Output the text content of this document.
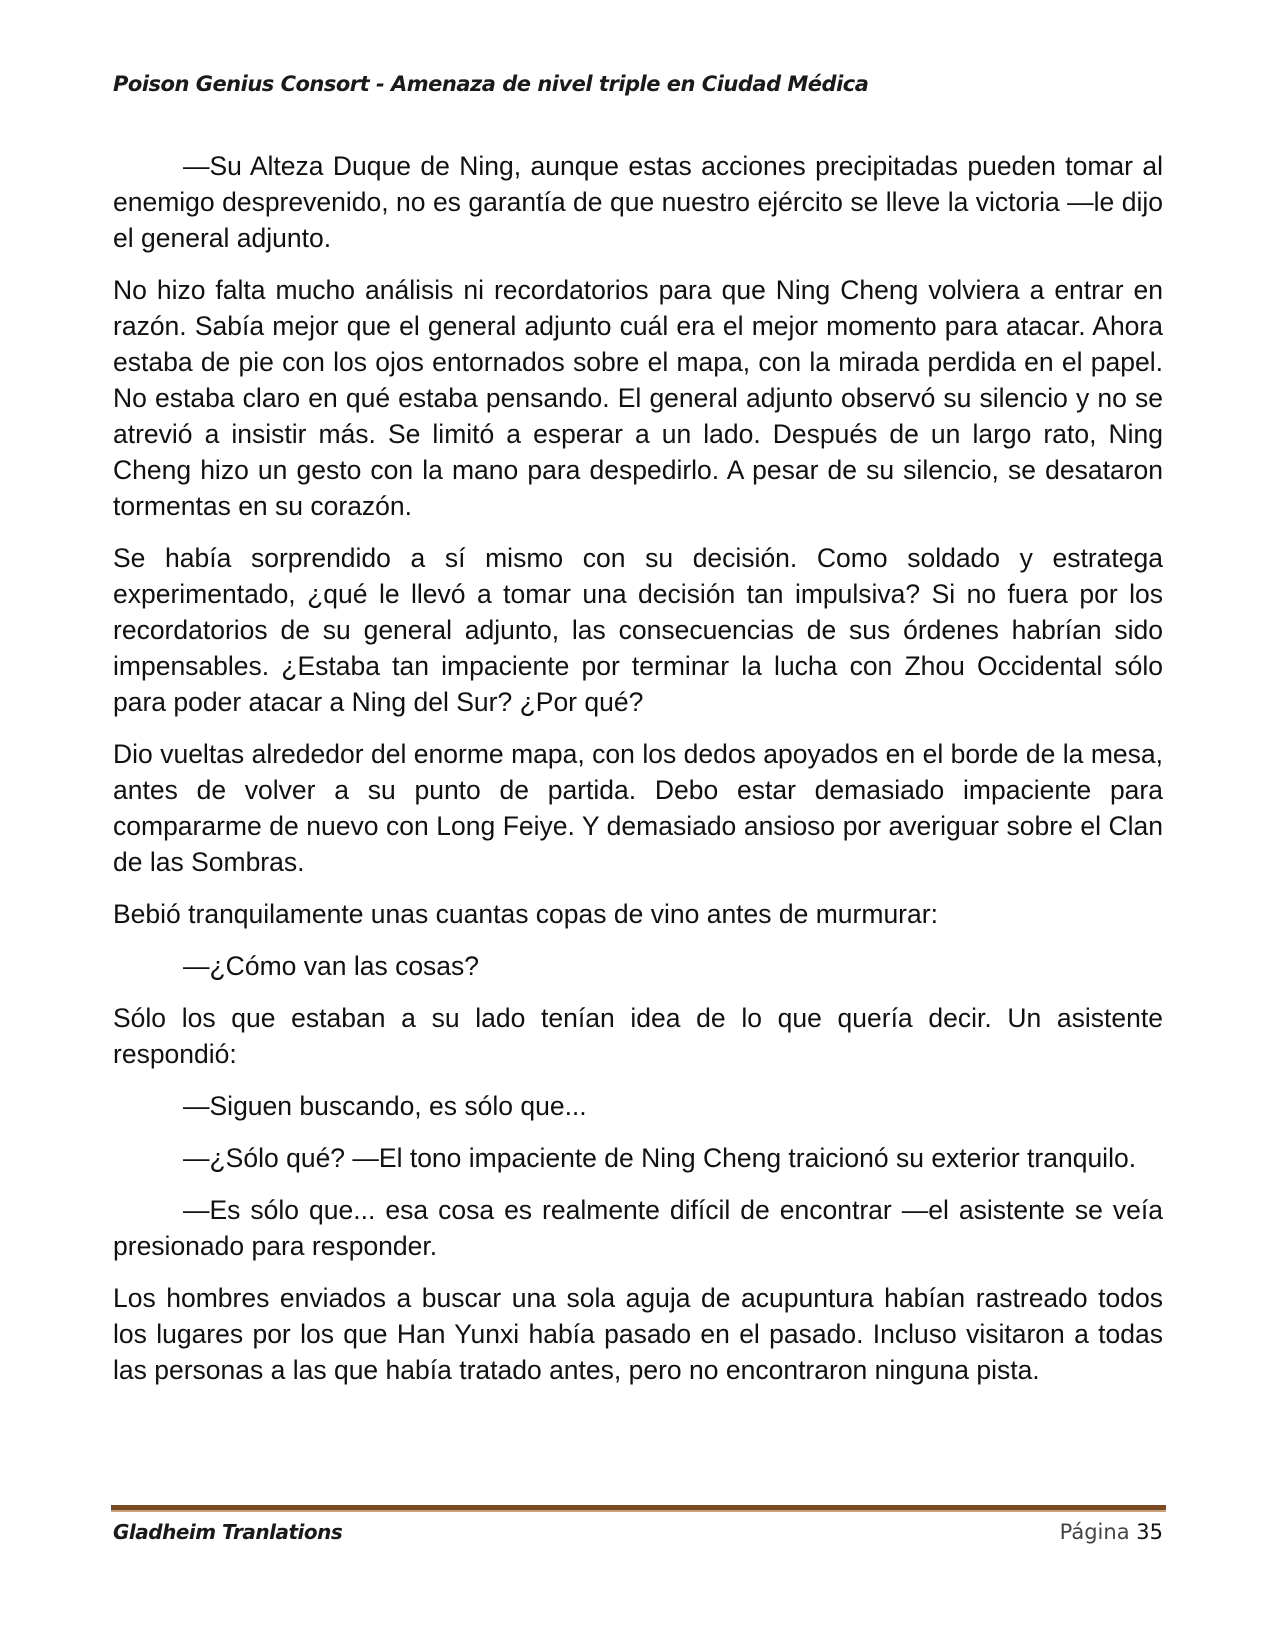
Poison Genius Consort - Amenaza de nivel triple en Ciudad Médica

—Su Alteza Duque de Ning, aunque estas acciones precipitadas pueden tomar al enemigo desprevenido, no es garantía de que nuestro ejército se lleve la victoria —le dijo el general adjunto.

No hizo falta mucho análisis ni recordatorios para que Ning Cheng volviera a entrar en razón. Sabía mejor que el general adjunto cuál era el mejor momento para atacar. Ahora estaba de pie con los ojos entornados sobre el mapa, con la mirada perdida en el papel. No estaba claro en qué estaba pensando. El general adjunto observó su silencio y no se atrevió a insistir más. Se limitó a esperar a un lado. Después de un largo rato, Ning Cheng hizo un gesto con la mano para despedirlo. A pesar de su silencio, se desataron tormentas en su corazón.

Se había sorprendido a sí mismo con su decisión. Como soldado y estratega experimentado, ¿qué le llevó a tomar una decisión tan impulsiva? Si no fuera por los recordatorios de su general adjunto, las consecuencias de sus órdenes habrían sido impensables. ¿Estaba tan impaciente por terminar la lucha con Zhou Occidental sólo para poder atacar a Ning del Sur? ¿Por qué?

Dio vueltas alrededor del enorme mapa, con los dedos apoyados en el borde de la mesa, antes de volver a su punto de partida. Debo estar demasiado impaciente para compararme de nuevo con Long Feiye. Y demasiado ansioso por averiguar sobre el Clan de las Sombras.

Bebió tranquilamente unas cuantas copas de vino antes de murmurar:

—¿Cómo van las cosas?

Sólo los que estaban a su lado tenían idea de lo que quería decir. Un asistente respondió:

—Siguen buscando, es sólo que...

—¿Sólo qué? —El tono impaciente de Ning Cheng traicionó su exterior tranquilo.

—Es sólo que... esa cosa es realmente difícil de encontrar —el asistente se veía presionado para responder.

Los hombres enviados a buscar una sola aguja de acupuntura habían rastreado todos los lugares por los que Han Yunxi había pasado en el pasado. Incluso visitaron a todas las personas a las que había tratado antes, pero no encontraron ninguna pista.

Gladheim Tranlations	Página 35
